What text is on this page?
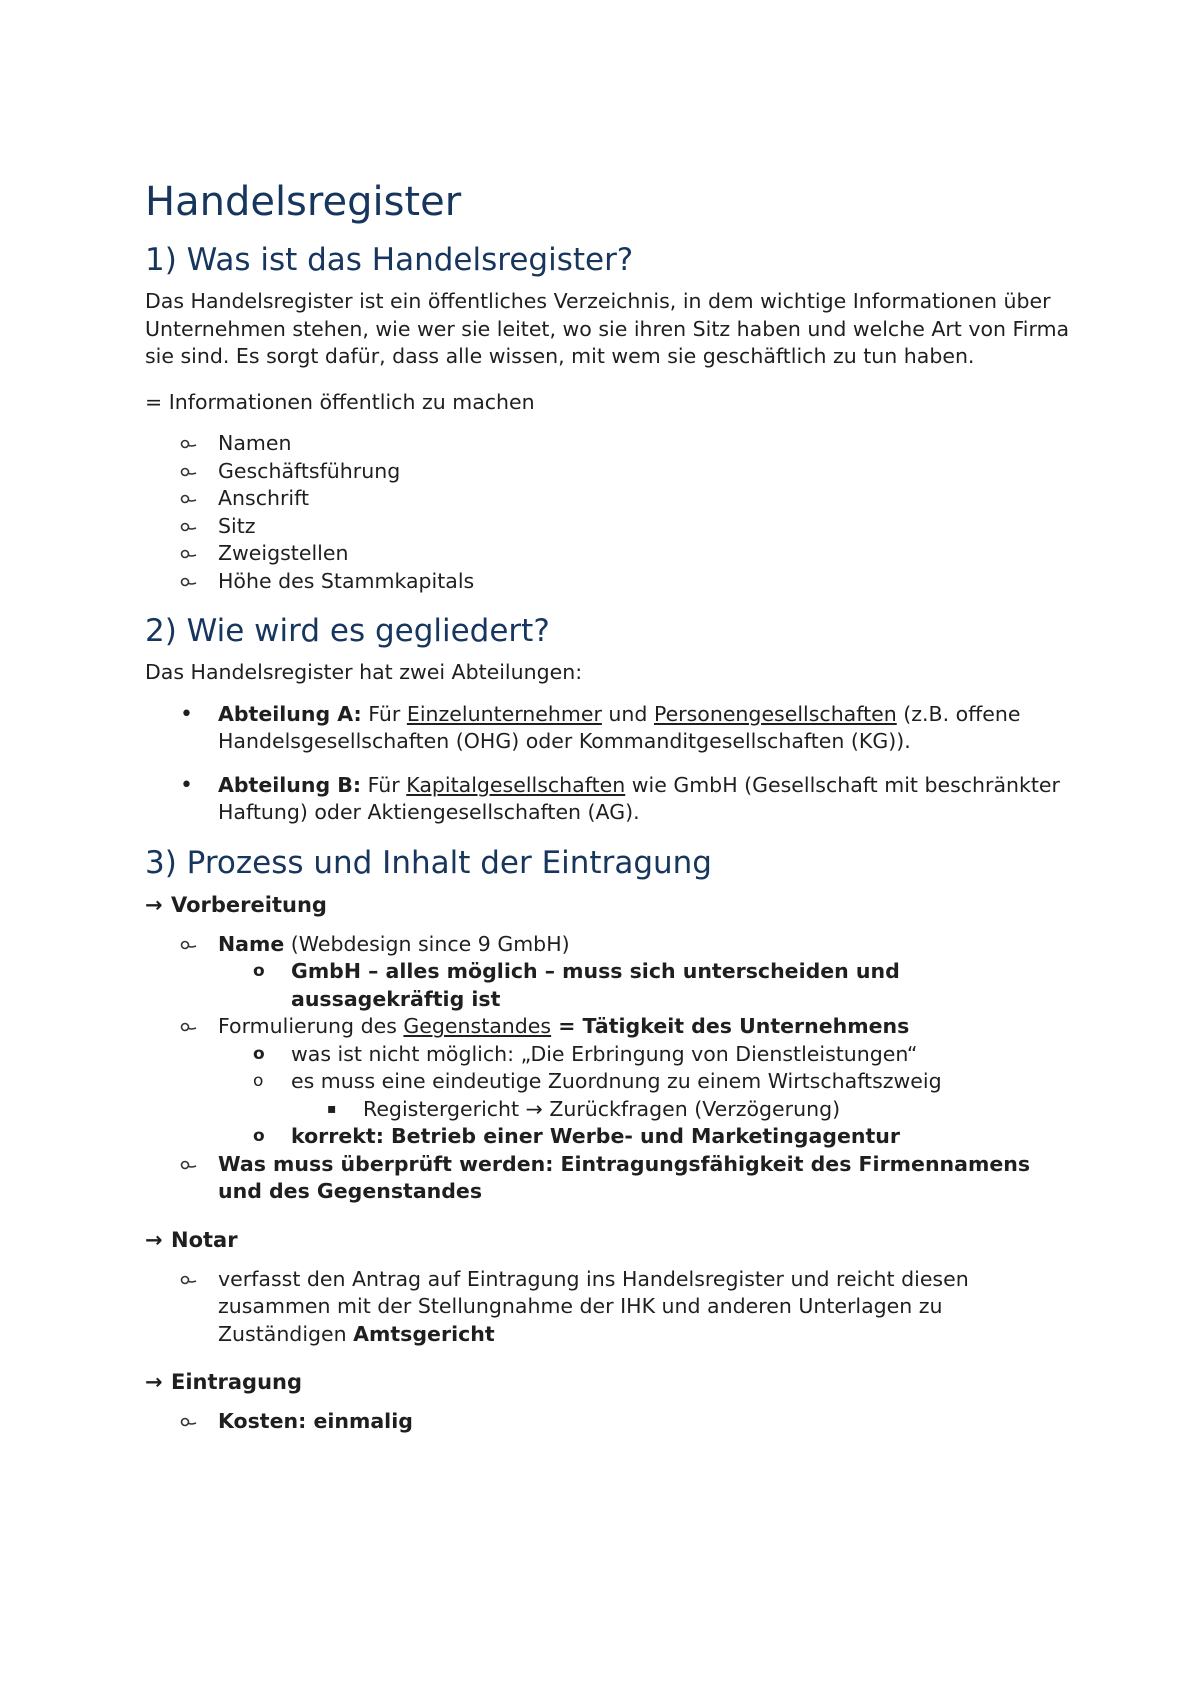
Handelsregister
1) Was ist das Handelsregister?

Das Handelsregister ist ein öffentliches Verzeichnis, in dem wichtige Informationen über Unternehmen stehen, wie wer sie leitet, wo sie ihren Sitz haben und welche Art von Firma sie sind. Es sorgt dafür, dass alle wissen, mit wem sie geschäftlich zu tun haben.

= Informationen öffentlich zu machen

Namen
Geschäftsführung
Anschrift
Sitz
Zweigstellen
Höhe des Stammkapitals
2) Wie wird es gegliedert?

Das Handelsregister hat zwei Abteilungen:

• Abteilung A: Für Einzelunternehmer und Personengesellschaften (z.B. offene Handelsgesellschaften (OHG) oder Kommanditgesellschaften (KG)).
• Abteilung B: Für Kapitalgesellschaften wie GmbH (Gesellschaft mit beschränkter Haftung) oder Aktiengesellschaften (AG).
3) Prozess und Inhalt der Eintragung
→ Vorbereitung
Name (Webdesign since 9 GmbH)
o GmbH – alles möglich – muss sich unterscheiden und aussagekräftig ist
Formulierung des Gegenstandes = Tätigkeit des Unternehmens
o was ist nicht möglich: „Die Erbringung von Dienstleistungen“
o es muss eine eindeutige Zuordnung zu einem Wirtschaftszweig
▪ Registergericht → Zurückfragen (Verzögerung)
o korrekt: Betrieb einer Werbe- und Marketingagentur
Was muss überprüft werden: Eintragungsfähigkeit des Firmennamens und des Gegenstandes
→ Notar
verfasst den Antrag auf Eintragung ins Handelsregister und reicht diesen zusammen mit der Stellungnahme der IHK und anderen Unterlagen zu Zuständigen Amtsgericht
→ Eintragung
Kosten: einmalig
